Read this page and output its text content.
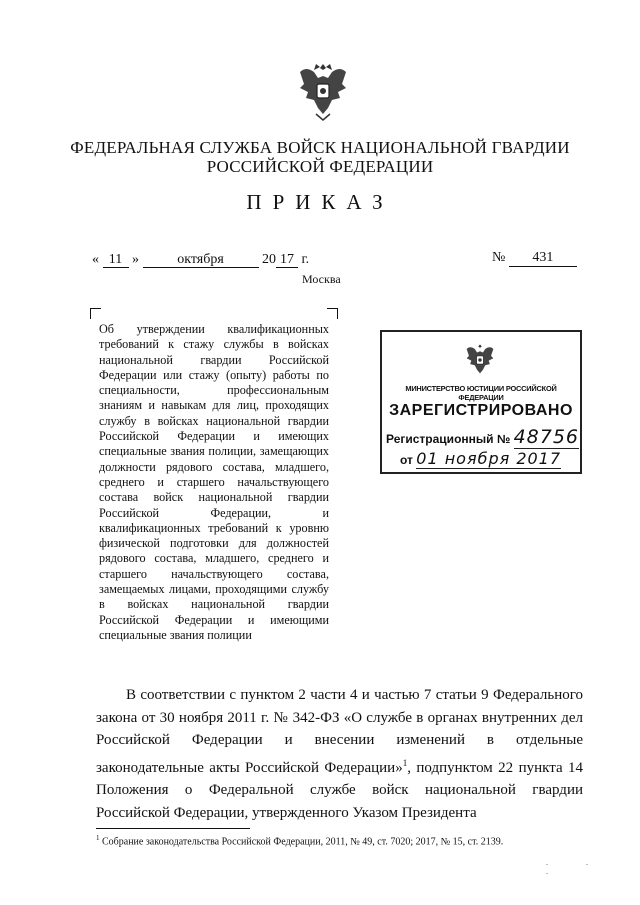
ФЕДЕРАЛЬНАЯ СЛУЖБА ВОЙСК НАЦИОНАЛЬНОЙ ГВАРДИИ
РОССИЙСКОЙ ФЕДЕРАЦИИ
ПРИКАЗ
« 11 »	октября	20 17 г.	№ 431
Москва
Об утверждении квалификационных требований к стажу службы в войсках национальной гвардии Российской Федерации или стажу (опыту) работы по специальности, профессиональным знаниям и навыкам для лиц, проходящих службу в войсках национальной гвардии Российской Федерации и имеющих специальные звания полиции, замещающих должности рядового состава, младшего, среднего и старшего начальствующего состава войск национальной гвардии Российской Федерации, и квалификационных требований к уровню физической подготовки для должностей рядового состава, младшего, среднего и старшего начальствующего состава, замещаемых лицами, проходящими службу в войсках национальной гвардии Российской Федерации и имеющими специальные звания полиции
МИНИСТЕРСТВО ЮСТИЦИИ РОССИЙСКОЙ ФЕДЕРАЦИИ
ЗАРЕГИСТРИРОВАНО
Регистрационный № 48756
от 01 ноября 2017

В соответствии с пунктом 2 части 4 и частью 7 статьи 9 Федерального закона от 30 ноября 2011 г. № 342-ФЗ «О службе в органах внутренних дел Российской Федерации и внесении изменений в отдельные законодательные акты Российской Федерации»$^1$, подпунктом 22 пункта 14 Положения о Федеральной службе войск национальной гвардии Российской Федерации, утвержденного Указом Президента

$^1$ Собрание законодательства Российской Федерации, 2011, № 49, ст. 7020; 2017, № 15, ст. 2139.
. . .
